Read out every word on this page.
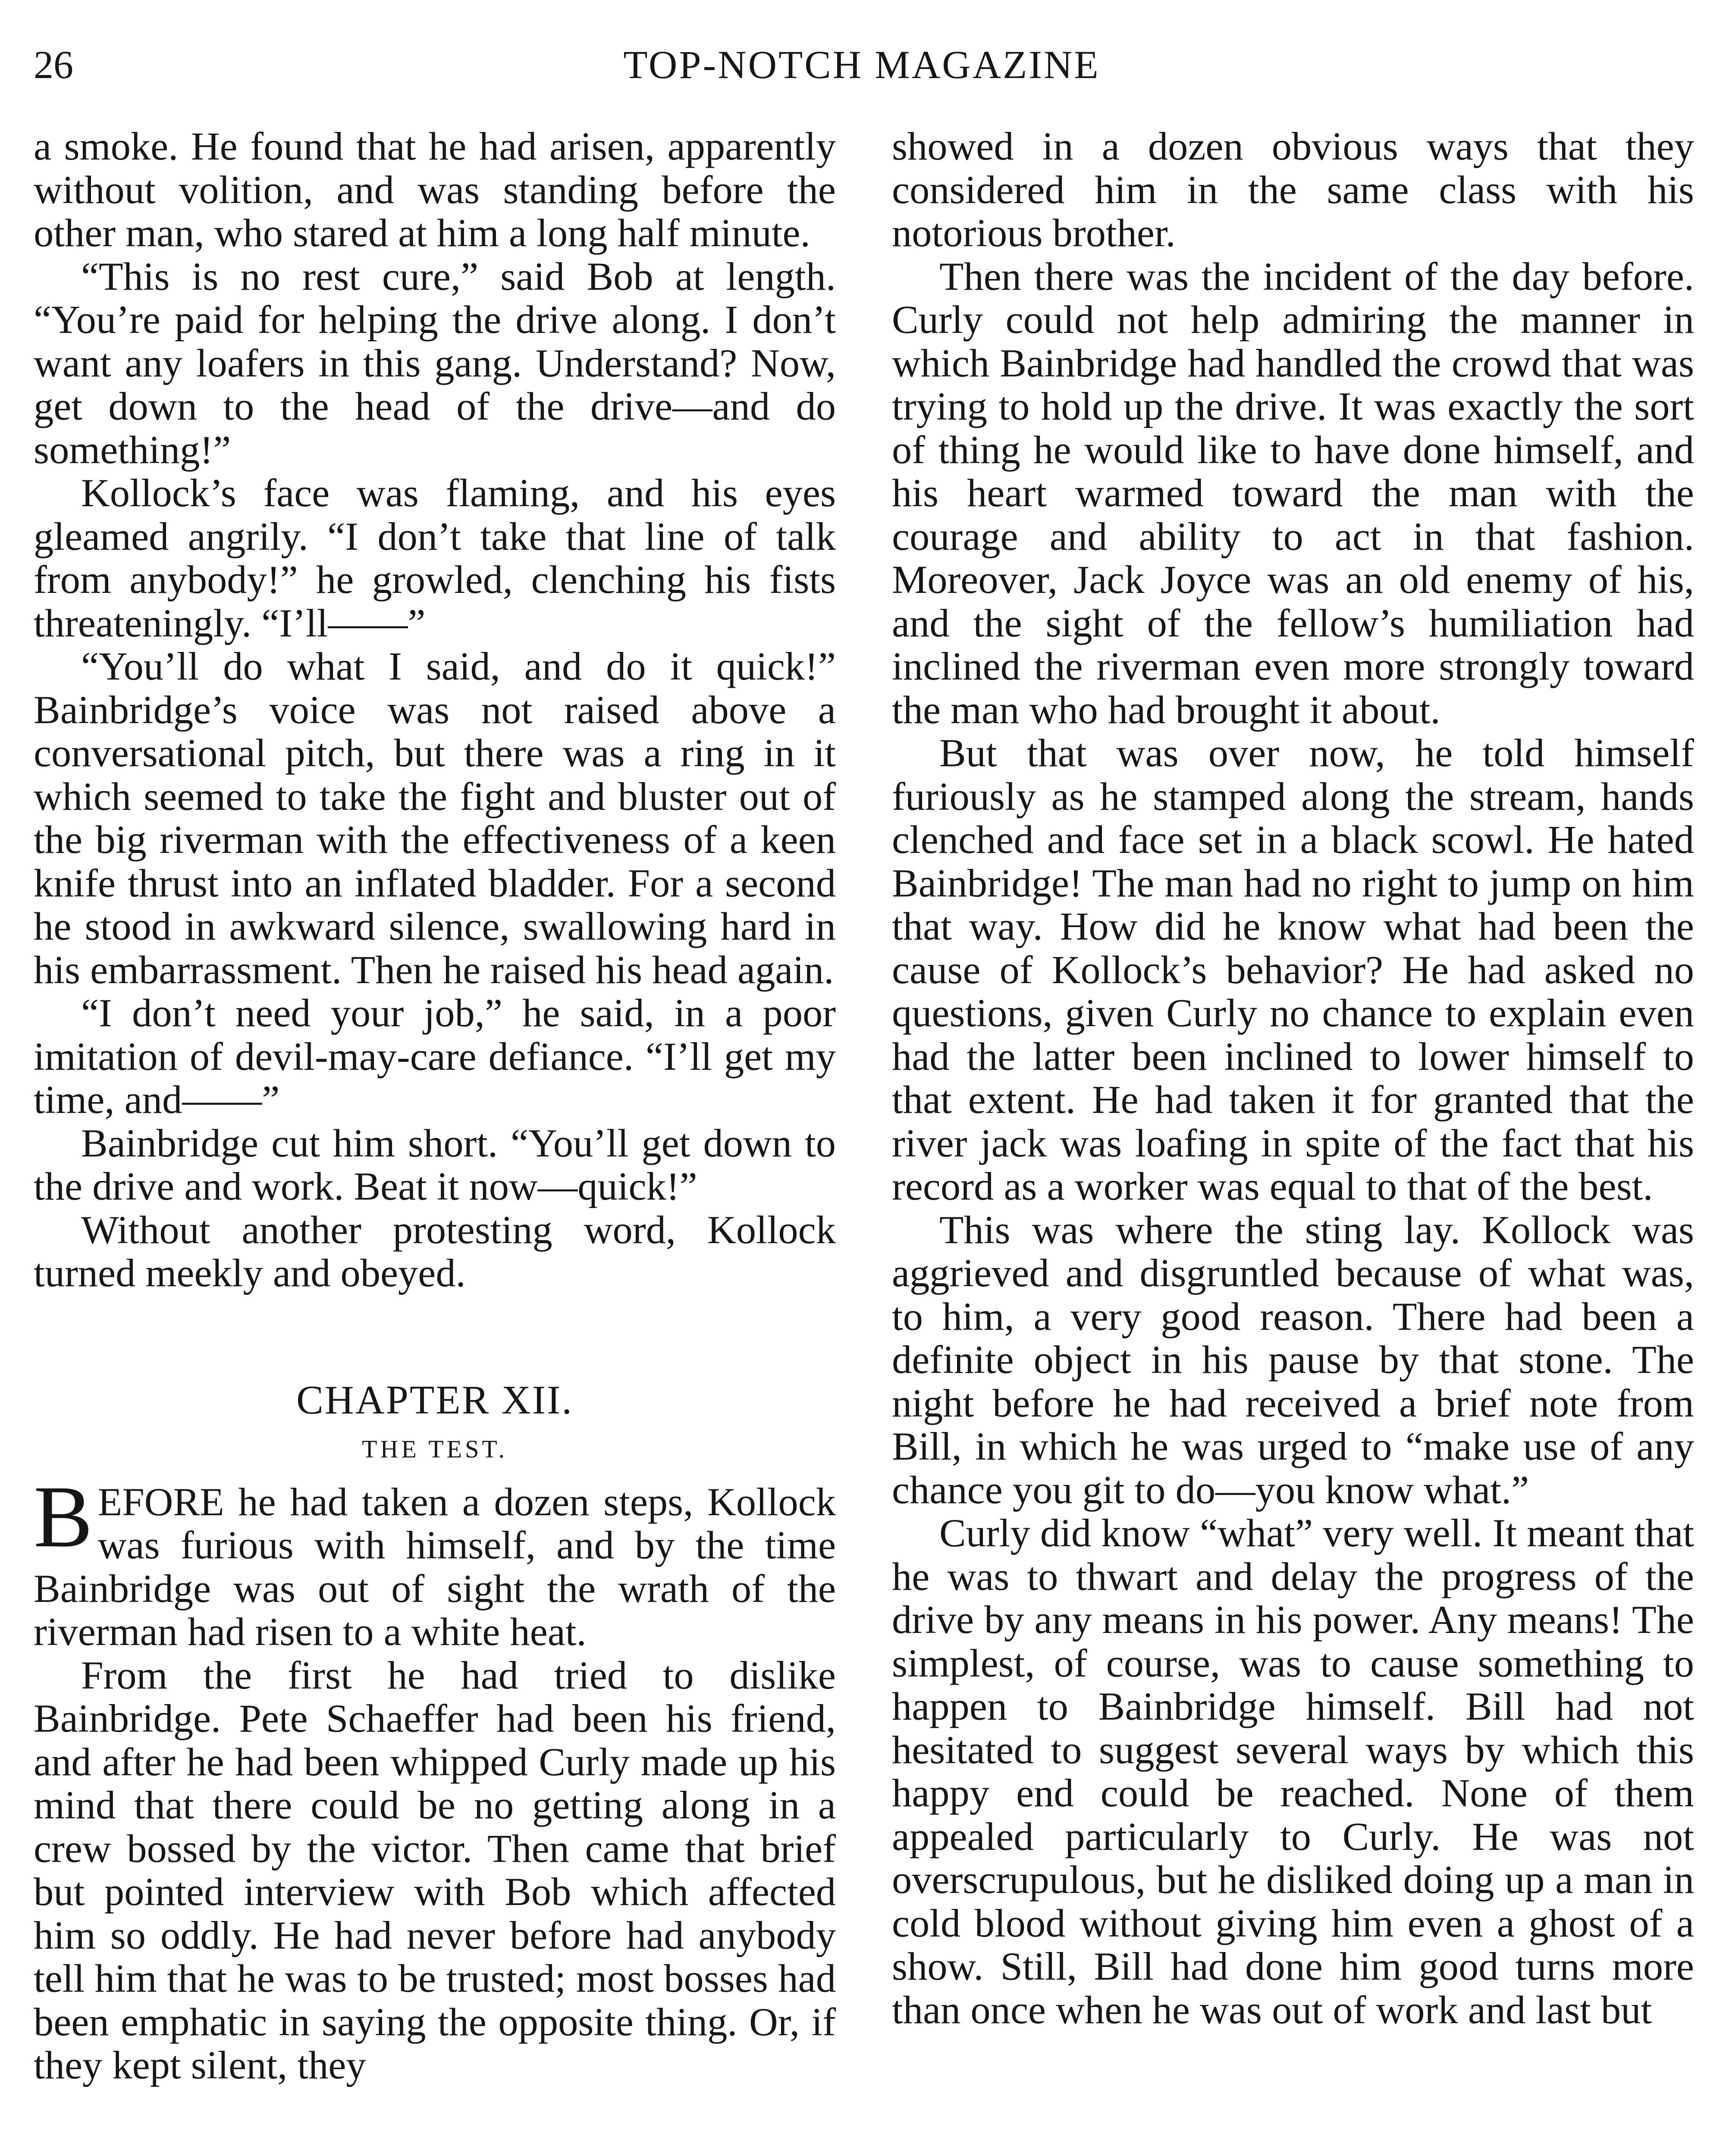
26	TOP-NOTCH MAGAZINE

a smoke. He found that he had arisen, apparently without volition, and was standing before the other man, who stared at him a long half minute.

“This is no rest cure,” said Bob at length. “You’re paid for helping the drive along. I don’t want any loafers in this gang. Understand? Now, get down to the head of the drive—and do something!”

Kollock’s face was flaming, and his eyes gleamed angrily. “I don’t take that line of talk from anybody!” he growled, clenching his fists threateningly. “I’ll——”

“You’ll do what I said, and do it quick!” Bainbridge’s voice was not raised above a conversational pitch, but there was a ring in it which seemed to take the fight and bluster out of the big riverman with the effectiveness of a keen knife thrust into an inflated bladder. For a second he stood in awkward silence, swallowing hard in his embarrassment. Then he raised his head again.

“I don’t need your job,” he said, in a poor imitation of devil-may-care defiance. “I’ll get my time, and——”

Bainbridge cut him short. “You’ll get down to the drive and work. Beat it now—quick!”

Without another protesting word, Kollock turned meekly and obeyed.

CHAPTER XII.
THE TEST.

BEFORE he had taken a dozen steps, Kollock was furious with himself, and by the time Bainbridge was out of sight the wrath of the riverman had risen to a white heat.

From the first he had tried to dislike Bainbridge. Pete Schaeffer had been his friend, and after he had been whipped Curly made up his mind that there could be no getting along in a crew bossed by the victor. Then came that brief but pointed interview with Bob which affected him so oddly. He had never before had anybody tell him that he was to be trusted; most bosses had been emphatic in saying the opposite thing. Or, if they kept silent, they

showed in a dozen obvious ways that they considered him in the same class with his notorious brother.

Then there was the incident of the day before. Curly could not help admiring the manner in which Bainbridge had handled the crowd that was trying to hold up the drive. It was exactly the sort of thing he would like to have done himself, and his heart warmed toward the man with the courage and ability to act in that fashion. Moreover, Jack Joyce was an old enemy of his, and the sight of the fellow’s humiliation had inclined the riverman even more strongly toward the man who had brought it about.

But that was over now, he told himself furiously as he stamped along the stream, hands clenched and face set in a black scowl. He hated Bainbridge! The man had no right to jump on him that way. How did he know what had been the cause of Kollock’s behavior? He had asked no questions, given Curly no chance to explain even had the latter been inclined to lower himself to that extent. He had taken it for granted that the river jack was loafing in spite of the fact that his record as a worker was equal to that of the best.

This was where the sting lay. Kollock was aggrieved and disgruntled because of what was, to him, a very good reason. There had been a definite object in his pause by that stone. The night before he had received a brief note from Bill, in which he was urged to “make use of any chance you git to do—you know what.”

Curly did know “what” very well. It meant that he was to thwart and delay the progress of the drive by any means in his power. Any means! The simplest, of course, was to cause something to happen to Bainbridge himself. Bill had not hesitated to suggest several ways by which this happy end could be reached. None of them appealed particularly to Curly. He was not overscrupulous, but he disliked doing up a man in cold blood without giving him even a ghost of a show. Still, Bill had done him good turns more than once when he was out of work and last but
